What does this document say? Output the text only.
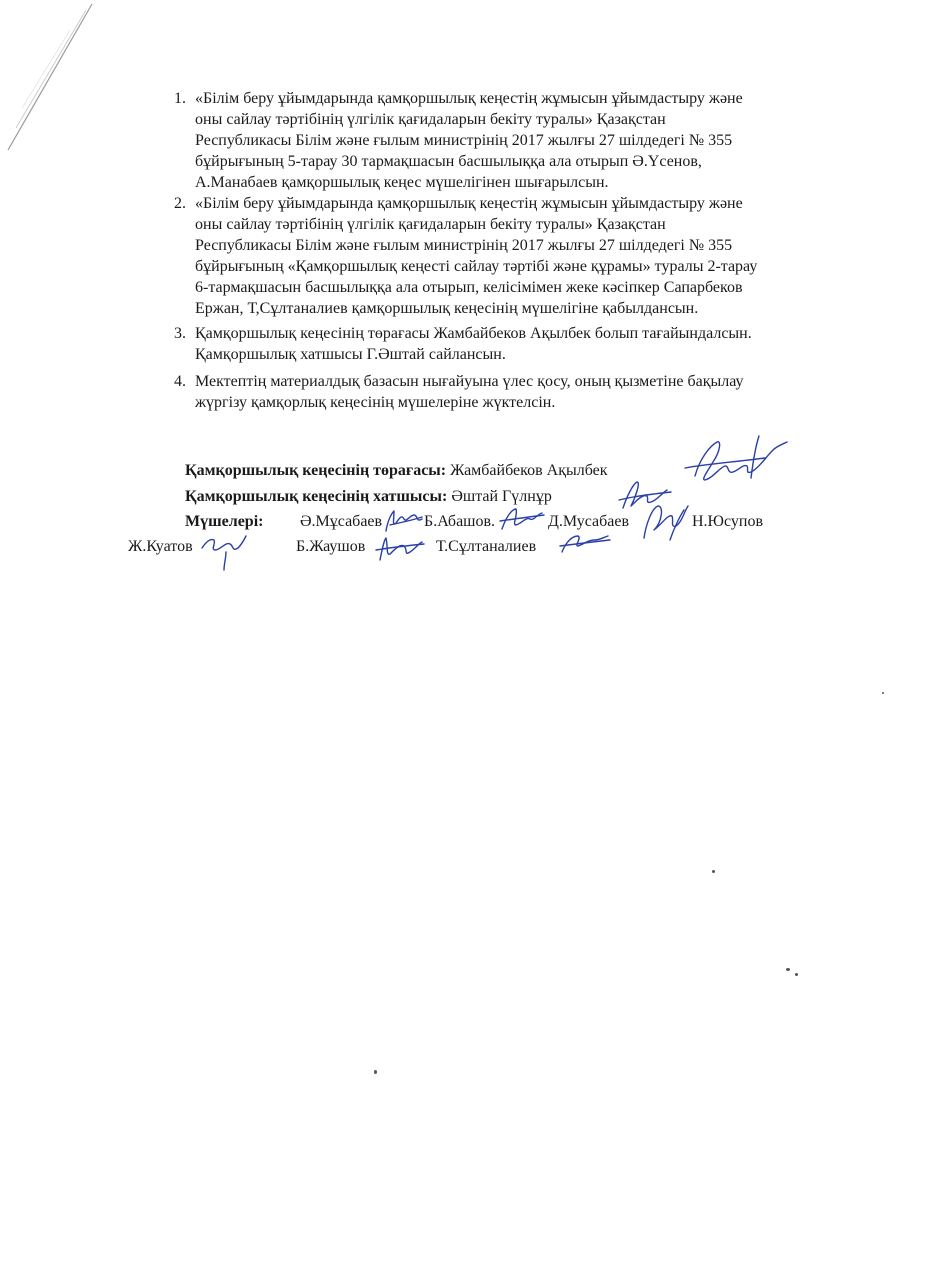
1. «Білім беру ұйымдарында қамқоршылық кеңестің жұмысын ұйымдастыру және
оны сайлау тәртібінің үлгілік қағидаларын бекіту туралы» Қазақстан
Республикасы Білім және ғылым министрінің 2017 жылғы 27 шілдедегі № 355
бұйрығының 5-тарау 30 тармақшасын басшылыққа ала отырып Ә.Үсенов,
А.Манабаев қамқоршылық кеңес мүшелігінен шығарылсын.
2. «Білім беру ұйымдарында қамқоршылық кеңестің жұмысын ұйымдастыру және
оны сайлау тәртібінің үлгілік қағидаларын бекіту туралы» Қазақстан
Республикасы Білім және ғылым министрінің 2017 жылғы 27 шілдедегі № 355
бұйрығының «Қамқоршылық кеңесті сайлау тәртібі және құрамы» туралы 2-тарау
6-тармақшасын басшылыққа ала отырып, келісімімен жеке кәсіпкер Сапарбеков
Ержан, Т,Сұлтаналиев қамқоршылық кеңесінің мүшелігіне қабылдансын.
3. Қамқоршылық кеңесінің төрағасы Жамбайбеков Ақылбек болып тағайындалсын.
Қамқоршылық хатшысы Г.Әштай сайлансын.
4. Мектептің материалдық базасын нығайуына үлес қосу, оның қызметіне бақылау
жүргізу қамқорлық кеңесінің мүшелеріне жүктелсін.
Қамқоршылық кеңесінің төрағасы: Жамбайбеков Ақылбек
Қамқоршылық кеңесінің хатшысы: Әштай Гүлнұр
Мүшелері: Ә.Мұсабаев	Б.Абашов.	Д.Мусабаев	Н.Юсупов
Ж.Куатов	Б.Жаушов	Т.Сұлтаналиев
